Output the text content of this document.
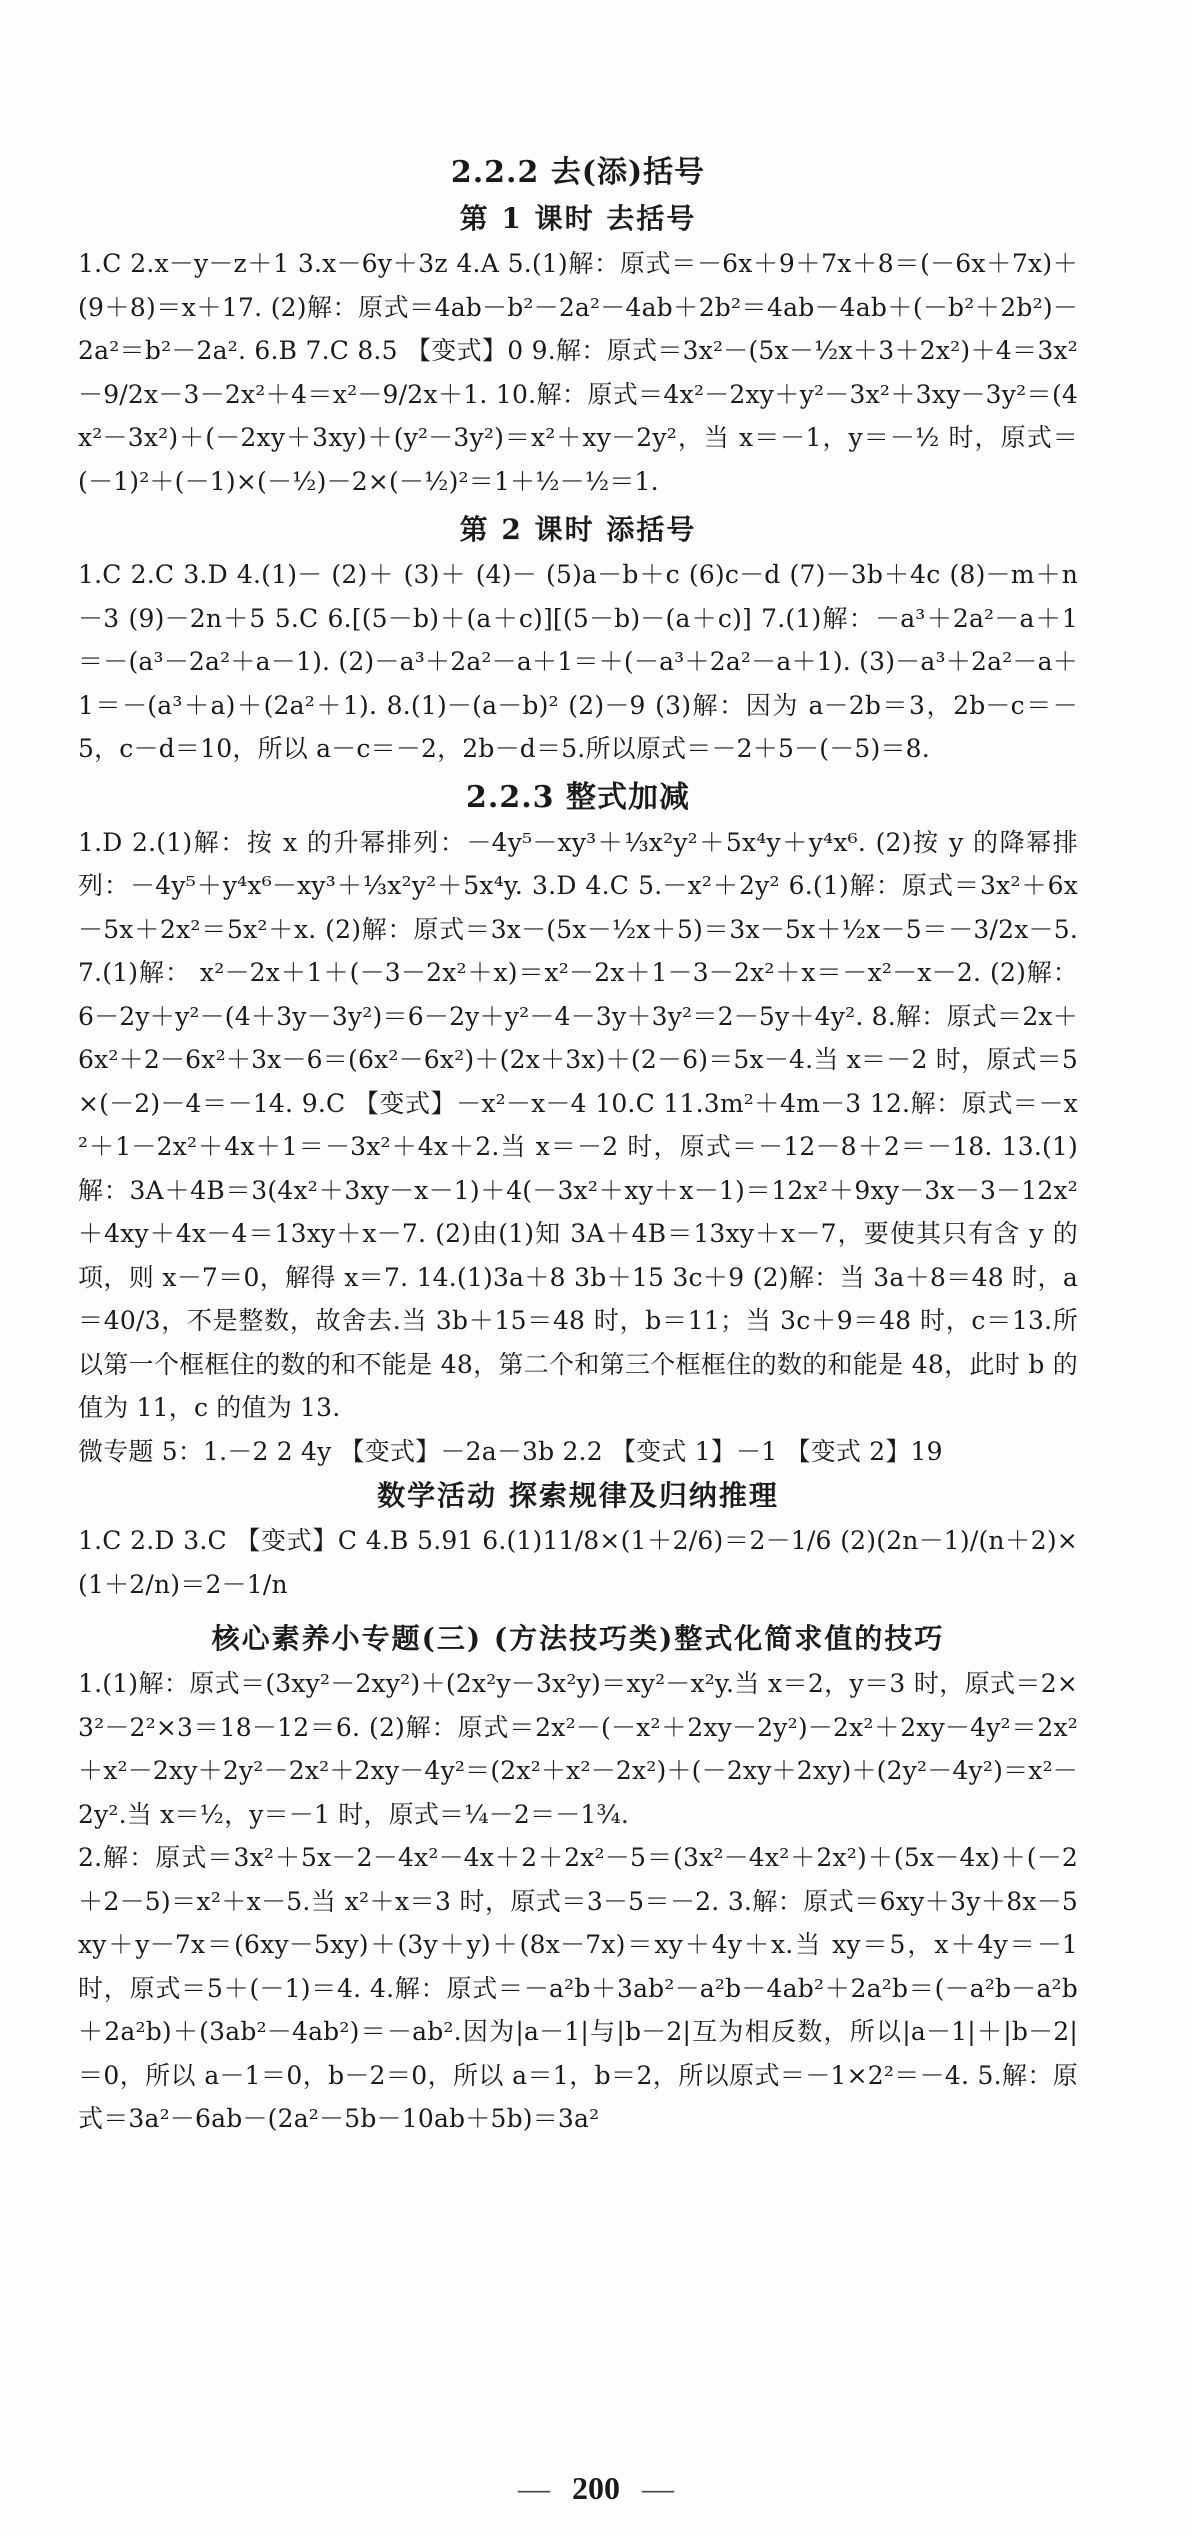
2.2.2 去(添)括号
第 1 课时 去括号

1.C 2.x－y－z＋1 3.x－6y＋3z 4.A 5.(1)解：原式＝－6x＋9＋7x＋8＝(－6x＋7x)＋(9＋8)＝x＋17. (2)解：原式＝4ab－b²－2a²－4ab＋2b²＝4ab－4ab＋(－b²＋2b²)－2a²＝b²－2a². 6.B 7.C 8.5 【变式】0 9.解：原式＝3x²－(5x－½x＋3＋2x²)＋4＝3x²－9/2x－3－2x²＋4＝x²－9/2x＋1. 10.解：原式＝4x²－2xy＋y²－3x²＋3xy－3y²＝(4x²－3x²)＋(－2xy＋3xy)＋(y²－3y²)＝x²＋xy－2y²，当 x＝－1，y＝－½ 时，原式＝(－1)²＋(－1)×(－½)－2×(－½)²＝1＋½－½＝1.

第 2 课时 添括号

1.C 2.C 3.D 4.(1)－ (2)＋ (3)＋ (4)－ (5)a－b＋c (6)c－d (7)－3b＋4c (8)－m＋n－3 (9)－2n＋5 5.C 6.[(5－b)＋(a＋c)][(5－b)－(a＋c)] 7.(1)解：－a³＋2a²－a＋1＝－(a³－2a²＋a－1). (2)－a³＋2a²－a＋1＝＋(－a³＋2a²－a＋1). (3)－a³＋2a²－a＋1＝－(a³＋a)＋(2a²＋1). 8.(1)－(a－b)² (2)－9 (3)解：因为 a－2b＝3，2b－c＝－5，c－d＝10，所以 a－c＝－2，2b－d＝5.所以原式＝－2＋5－(－5)＝8.

2.2.3 整式加减

1.D 2.(1)解：按 x 的升幂排列：－4y⁵－xy³＋⅓x²y²＋5x⁴y＋y⁴x⁶. (2)按 y 的降幂排列：－4y⁵＋y⁴x⁶－xy³＋⅓x²y²＋5x⁴y. 3.D 4.C 5.－x²＋2y² 6.(1)解：原式＝3x²＋6x－5x＋2x²＝5x²＋x. (2)解：原式＝3x－(5x－½x＋5)＝3x－5x＋½x－5＝－3/2x－5. 7.(1)解： x²－2x＋1＋(－3－2x²＋x)＝x²－2x＋1－3－2x²＋x＝－x²－x－2. (2)解： 6－2y＋y²－(4＋3y－3y²)＝6－2y＋y²－4－3y＋3y²＝2－5y＋4y². 8.解：原式＝2x＋6x²＋2－6x²＋3x－6＝(6x²－6x²)＋(2x＋3x)＋(2－6)＝5x－4.当 x＝－2 时，原式＝5×(－2)－4＝－14. 9.C 【变式】－x²－x－4 10.C 11.3m²＋4m－3 12.解：原式＝－x²＋1－2x²＋4x＋1＝－3x²＋4x＋2.当 x＝－2 时，原式＝－12－8＋2＝－18. 13.(1)解：3A＋4B＝3(4x²＋3xy－x－1)＋4(－3x²＋xy＋x－1)＝12x²＋9xy－3x－3－12x²＋4xy＋4x－4＝13xy＋x－7. (2)由(1)知 3A＋4B＝13xy＋x－7，要使其只有含 y 的项，则 x－7＝0，解得 x＝7. 14.(1)3a＋8 3b＋15 3c＋9 (2)解：当 3a＋8＝48 时，a＝40/3，不是整数，故舍去.当 3b＋15＝48 时，b＝11；当 3c＋9＝48 时，c＝13.所以第一个框框住的数的和不能是 48，第二个和第三个框框住的数的和能是 48，此时 b 的值为 11，c 的值为 13.

微专题 5：1.－2 2 4y 【变式】－2a－3b 2.2 【变式 1】－1 【变式 2】19

数学活动 探索规律及归纳推理

1.C 2.D 3.C 【变式】C 4.B 5.91 6.(1)11/8×(1＋2/6)＝2－1/6 (2)(2n－1)/(n＋2)×(1＋2/n)＝2－1/n

核心素养小专题(三) (方法技巧类)整式化简求值的技巧

1.(1)解：原式＝(3xy²－2xy²)＋(2x²y－3x²y)＝xy²－x²y.当 x＝2，y＝3 时，原式＝2×3²－2²×3＝18－12＝6. (2)解：原式＝2x²－(－x²＋2xy－2y²)－2x²＋2xy－4y²＝2x²＋x²－2xy＋2y²－2x²＋2xy－4y²＝(2x²＋x²－2x²)＋(－2xy＋2xy)＋(2y²－4y²)＝x²－2y².当 x＝½，y＝－1 时，原式＝¼－2＝－1¾.

2.解：原式＝3x²＋5x－2－4x²－4x＋2＋2x²－5＝(3x²－4x²＋2x²)＋(5x－4x)＋(－2＋2－5)＝x²＋x－5.当 x²＋x＝3 时，原式＝3－5＝－2. 3.解：原式＝6xy＋3y＋8x－5xy＋y－7x＝(6xy－5xy)＋(3y＋y)＋(8x－7x)＝xy＋4y＋x.当 xy＝5，x＋4y＝－1 时，原式＝5＋(－1)＝4. 4.解：原式＝－a²b＋3ab²－a²b－4ab²＋2a²b＝(－a²b－a²b＋2a²b)＋(3ab²－4ab²)＝－ab².因为|a－1|与|b－2|互为相反数，所以|a－1|＋|b－2|＝0，所以 a－1＝0，b－2＝0，所以 a＝1，b＝2，所以原式＝－1×2²＝－4. 5.解：原式＝3a²－6ab－(2a²－5b－10ab＋5b)＝3a²

— 200 —
